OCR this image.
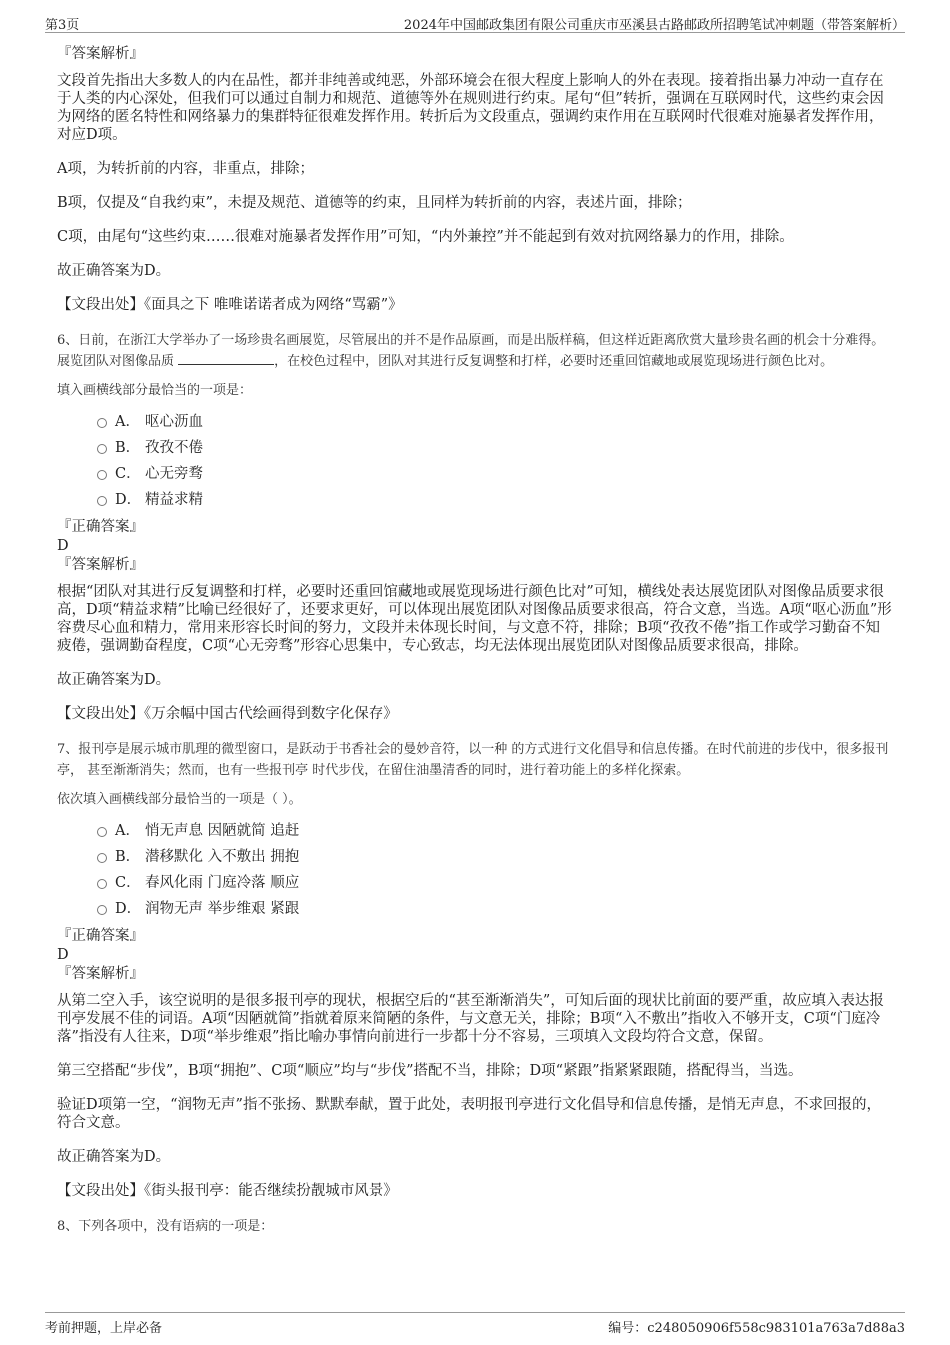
第3页	2024年中国邮政集团有限公司重庆市巫溪县古路邮政所招聘笔试冲刺题（带答案解析）

『答案解析』

文段首先指出大多数人的内在品性，都并非纯善或纯恶，外部环境会在很大程度上影响人的外在表现。接着指出暴力冲动一直存在于人类的内心深处，但我们可以通过自制力和规范、道德等外在规则进行约束。尾句“但”转折，强调在互联网时代，这些约束会因为网络的匿名特性和网络暴力的集群特征很难发挥作用。转折后为文段重点，强调约束作用在互联网时代很难对施暴者发挥作用，对应D项。

A项，为转折前的内容，非重点，排除；

B项，仅提及“自我约束”，未提及规范、道德等的约束，且同样为转折前的内容，表述片面，排除；

C项，由尾句“这些约束……很难对施暴者发挥作用”可知，“内外兼控”并不能起到有效对抗网络暴力的作用，排除。

故正确答案为D。

【文段出处】《面具之下 唯唯诺诺者成为网络“骂霸”》

6、日前，在浙江大学举办了一场珍贵名画展览，尽管展出的并不是作品原画，而是出版样稿，但这样近距离欣赏大量珍贵名画的机会十分难得。展览团队对图像品质	，在校色过程中，团队对其进行反复调整和打样，必要时还重回馆藏地或展览现场进行颜色比对。

填入画横线部分最恰当的一项是：

A． 呕心沥血
B． 孜孜不倦
C． 心无旁骛
D． 精益求精

『正确答案』

D

『答案解析』

根据“团队对其进行反复调整和打样，必要时还重回馆藏地或展览现场进行颜色比对”可知，横线处表达展览团队对图像品质要求很高，D项“精益求精”比喻已经很好了，还要求更好，可以体现出展览团队对图像品质要求很高，符合文意，当选。A项“呕心沥血”形容费尽心血和精力，常用来形容长时间的努力，文段并未体现长时间，与文意不符，排除；B项“孜孜不倦”指工作或学习勤奋不知疲倦，强调勤奋程度，C项“心无旁骛”形容心思集中，专心致志，均无法体现出展览团队对图像品质要求很高，排除。

故正确答案为D。

【文段出处】《万余幅中国古代绘画得到数字化保存》

7、报刊亭是展示城市肌理的微型窗口，是跃动于书香社会的曼妙音符，以一种 的方式进行文化倡导和信息传播。在时代前进的步伐中，很多报刊亭， 甚至渐渐消失；然而，也有一些报刊亭 时代步伐，在留住油墨清香的同时，进行着功能上的多样化探索。

依次填入画横线部分最恰当的一项是（ ）。

A． 悄无声息 因陋就简 追赶
B． 潜移默化 入不敷出 拥抱
C． 春风化雨 门庭冷落 顺应
D． 润物无声 举步维艰 紧跟

『正确答案』

D

『答案解析』

从第二空入手，该空说明的是很多报刊亭的现状，根据空后的“甚至渐渐消失”，可知后面的现状比前面的要严重，故应填入表达报刊亭发展不佳的词语。A项“因陋就简”指就着原来简陋的条件，与文意无关，排除；B项“入不敷出”指收入不够开支，C项“门庭冷落”指没有人往来，D项“举步维艰”指比喻办事情向前进行一步都十分不容易，三项填入文段均符合文意，保留。

第三空搭配“步伐”，B项“拥抱”、C项“顺应”均与“步伐”搭配不当，排除；D项“紧跟”指紧紧跟随，搭配得当，当选。

验证D项第一空，“润物无声”指不张扬、默默奉献，置于此处，表明报刊亭进行文化倡导和信息传播，是悄无声息，不求回报的，符合文意。

故正确答案为D。

【文段出处】《街头报刊亭：能否继续扮靓城市风景》

8、下列各项中，没有语病的一项是：

考前押题，上岸必备	编号：c248050906f558c983101a763a7d88a3
